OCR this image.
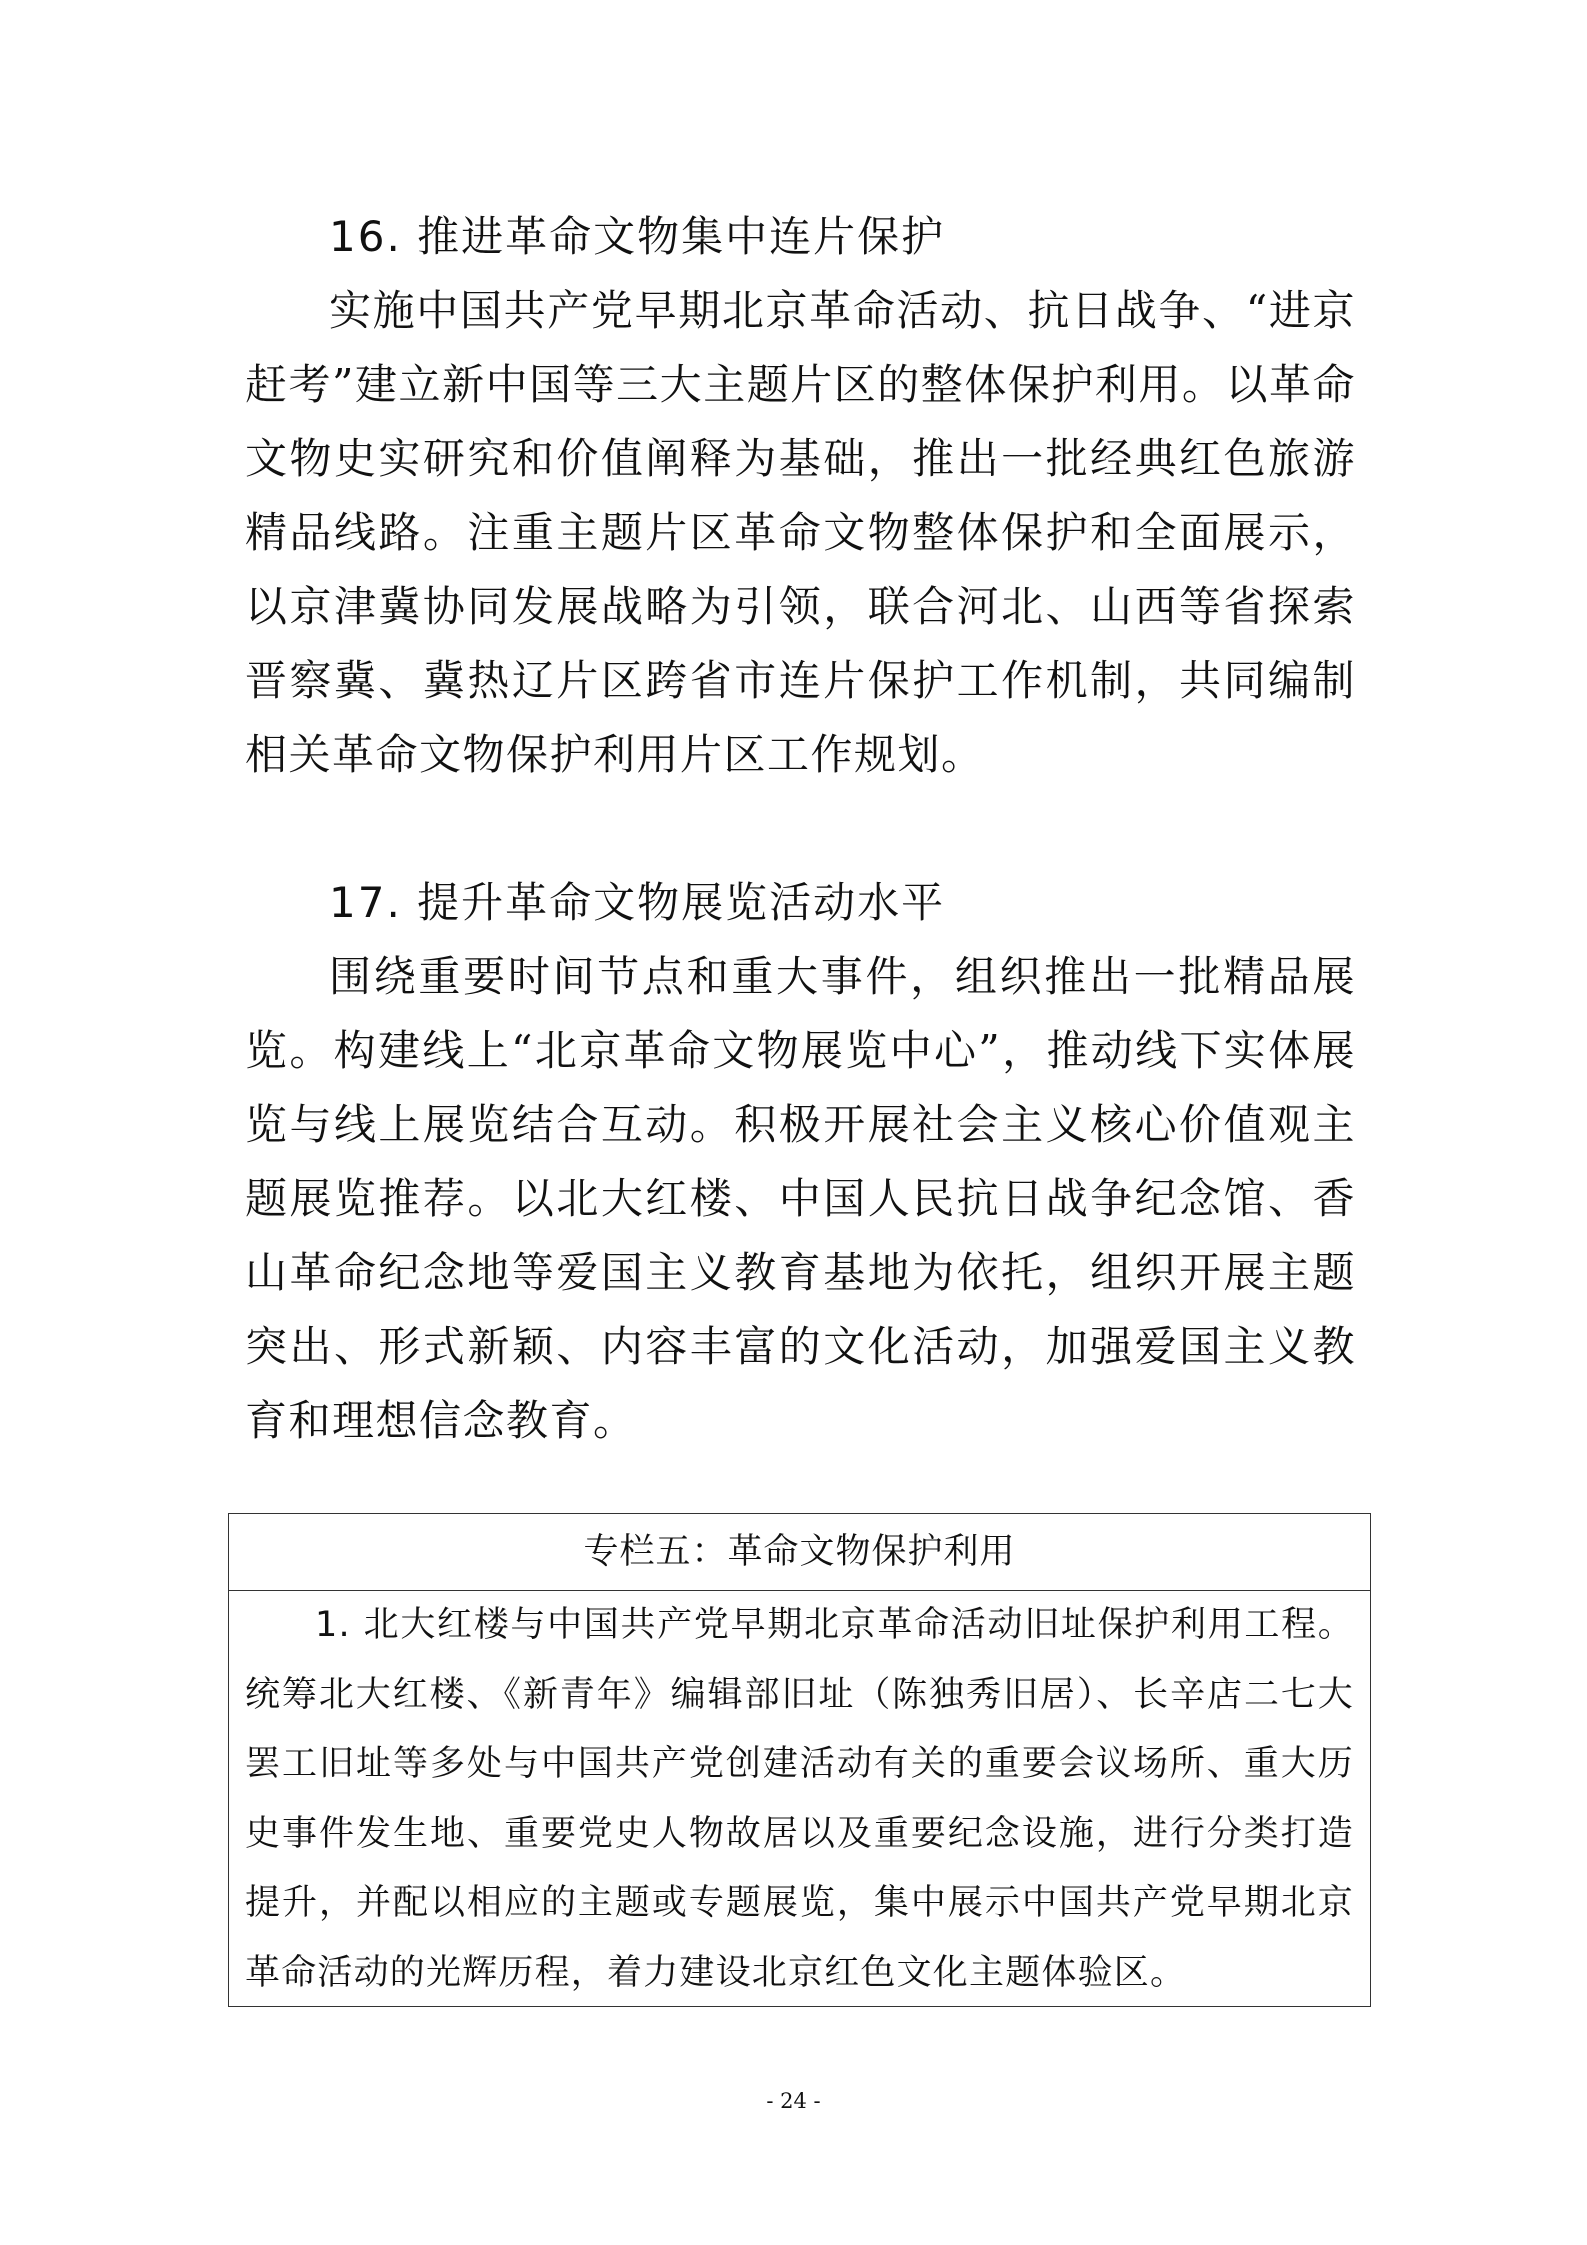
16. 推进革命文物集中连片保护
实施中国共产党早期北京革命活动、抗日战争、“进京赶考”建立新中国等三大主题片区的整体保护利用。以革命文物史实研究和价值阐释为基础，推出一批经典红色旅游精品线路。注重主题片区革命文物整体保护和全面展示，以京津冀协同发展战略为引领，联合河北、山西等省探索晋察冀、冀热辽片区跨省市连片保护工作机制，共同编制相关革命文物保护利用片区工作规划。
17. 提升革命文物展览活动水平
围绕重要时间节点和重大事件，组织推出一批精品展览。构建线上“北京革命文物展览中心”，推动线下实体展览与线上展览结合互动。积极开展社会主义核心价值观主题展览推荐。以北大红楼、中国人民抗日战争纪念馆、香山革命纪念地等爱国主义教育基地为依托，组织开展主题突出、形式新颖、内容丰富的文化活动，加强爱国主义教育和理想信念教育。
专栏五：革命文物保护利用
1. 北大红楼与中国共产党早期北京革命活动旧址保护利用工程。统筹北大红楼、《新青年》编辑部旧址（陈独秀旧居）、长辛店二七大罢工旧址等多处与中国共产党创建活动有关的重要会议场所、重大历史事件发生地、重要党史人物故居以及重要纪念设施，进行分类打造提升，并配以相应的主题或专题展览，集中展示中国共产党早期北京革命活动的光辉历程，着力建设北京红色文化主题体验区。
- 24 -
